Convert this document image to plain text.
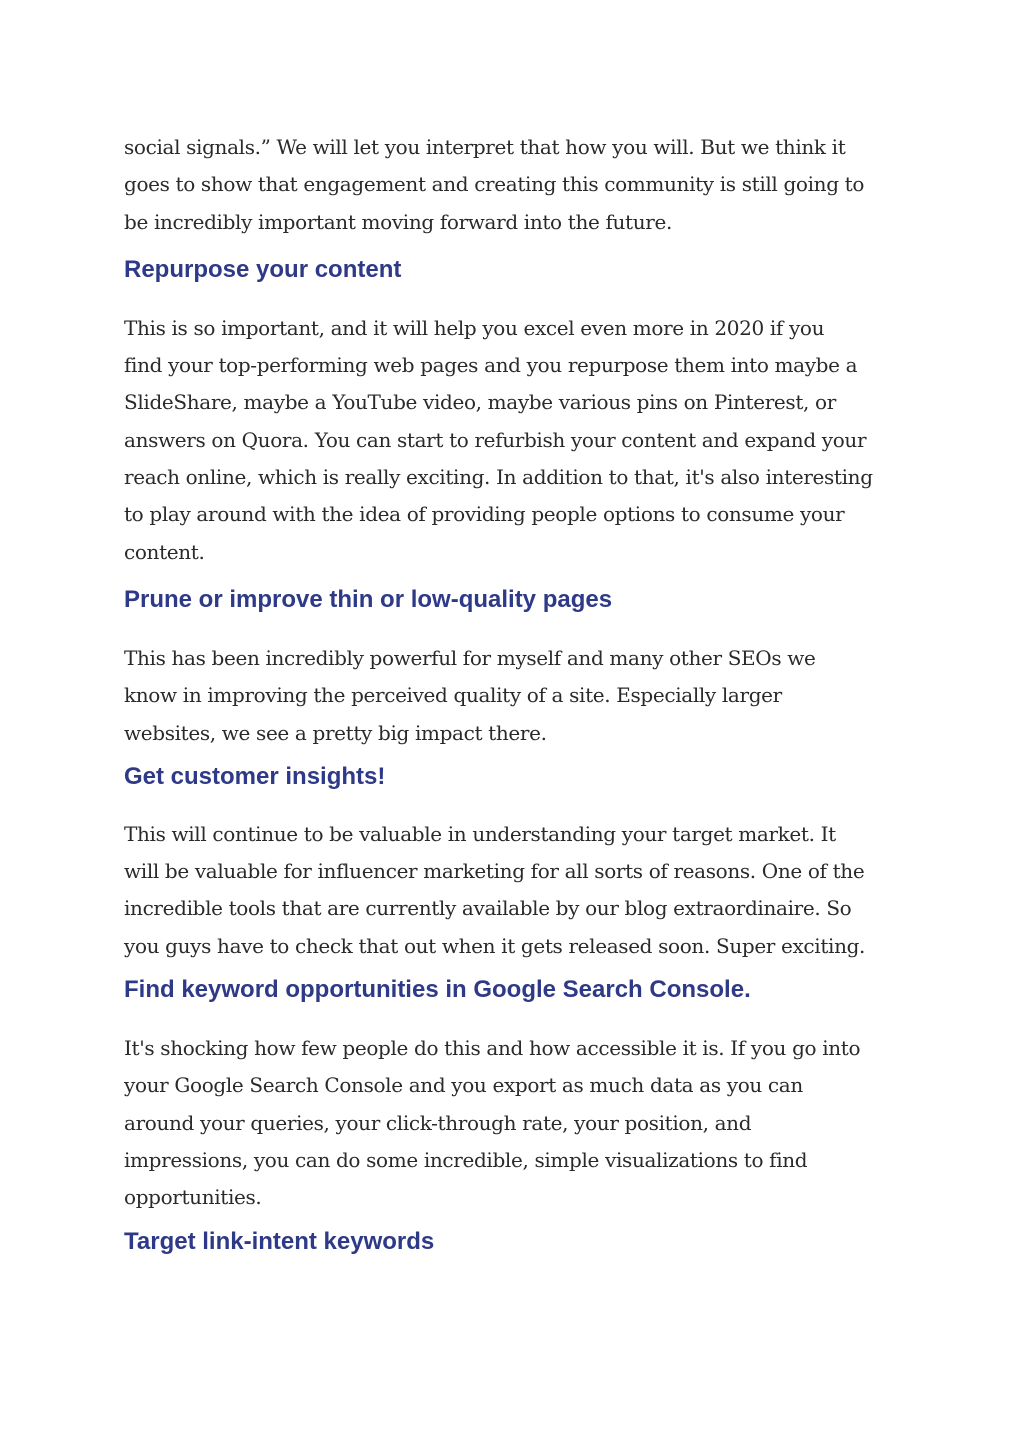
social signals.” We will let you interpret that how you will. But we think it
goes to show that engagement and creating this community is still going to
be incredibly important moving forward into the future.

Repurpose your content

This is so important, and it will help you excel even more in 2020 if you
find your top-performing web pages and you repurpose them into maybe a
SlideShare, maybe a YouTube video, maybe various pins on Pinterest, or
answers on Quora. You can start to refurbish your content and expand your
reach online, which is really exciting. In addition to that, it's also interesting
to play around with the idea of providing people options to consume your
content.

Prune or improve thin or low-quality pages

This has been incredibly powerful for myself and many other SEOs we
know in improving the perceived quality of a site. Especially larger
websites, we see a pretty big impact there.

Get customer insights!

This will continue to be valuable in understanding your target market. It
will be valuable for influencer marketing for all sorts of reasons. One of the
incredible tools that are currently available by our blog extraordinaire. So
you guys have to check that out when it gets released soon. Super exciting.

Find keyword opportunities in Google Search Console.

It's shocking how few people do this and how accessible it is. If you go into
your Google Search Console and you export as much data as you can
around your queries, your click-through rate, your position, and
impressions, you can do some incredible, simple visualizations to find
opportunities.

Target link-intent keywords
